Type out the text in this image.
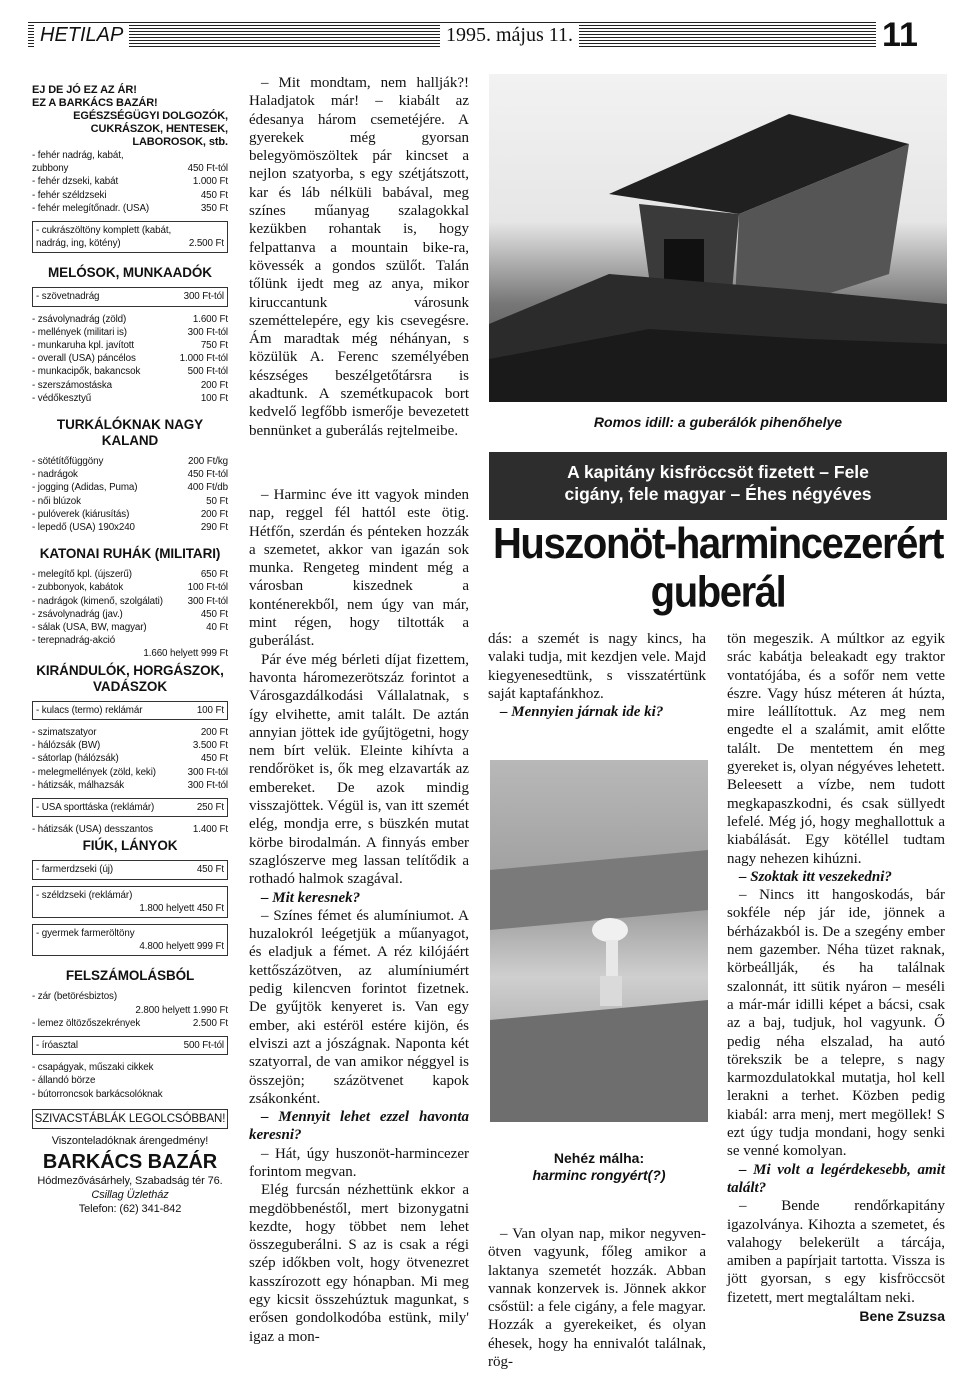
HETILAP	1995. május 11.	11
EJ DE JÓ EZ AZ ÁR!
EZ A BARKÁCS BAZÁR!
EGÉSZSÉGÜGYI DOLGOZÓK,
CUKRÁSZOK, HENTESEK,
LABOROSOK, stb.
- fehér nadrág, kabát,
zubbony	450 Ft-tól
- fehér dzseki, kabát	1.000 Ft
- fehér széldzseki	450 Ft
- fehér melegítőnadr. (USA)	350 Ft
- cukrászöltöny komplett (kabát,
nadrág, ing, kötény)	2.500 Ft
MELÓSOK, MUNKAADÓK
- szövetnadrág	300 Ft-tól
- zsávolynadrág (zöld)	1.600 Ft
- mellények (militari is)	300 Ft-tól
- munkaruha kpl. javított	750 Ft
- overall (USA) páncélos	1.000 Ft-tól
- munkacipők, bakancsok	500 Ft-tól
- szerszámostáska	200 Ft
- védőkesztyű	100 Ft
TURKÁLÓKNAK NAGY KALAND
- sötétítőfüggöny	200 Ft/kg
- nadrágok	450 Ft-tól
- jogging (Adidas, Puma)	400 Ft/db
- női blúzok	50 Ft
- pulóverek (kiárusítás)	200 Ft
- lepedő (USA) 190x240	290 Ft
KATONAI RUHÁK (MILITARI)
- melegítő kpl. (újszerű)	650 Ft
- zubbonyok, kabátok	100 Ft-tól
- nadrágok (kimenő, szolgálati)	300 Ft-tól
- zsávolynadrág (jav.)	450 Ft
- sálak (USA, BW, magyar)	40 Ft
- terepnadrág-akció
1.660 helyett 999 Ft
KIRÁNDULÓK, HORGÁSZOK,
VADÁSZOK
- kulacs (termo) reklámár	100 Ft
- szimatszatyor	200 Ft
- hálózsák (BW)	3.500 Ft
- sátorlap (hálózsák)	450 Ft
- melegmellények (zöld, keki)	300 Ft-tól
- hátizsák, málhazsák	300 Ft-tól
- USA sporttáska (reklámár)	250 Ft
- hátizsák (USA) desszantos	1.400 Ft
FIÚK, LÁNYOK
- farmerdzseki (új)	450 Ft
- széldzseki (reklámár)
1.800 helyett 450 Ft
- gyermek farmeröltöny
4.800 helyett 999 Ft
FELSZÁMOLÁSBÓL
- zár (betörésbiztos)
2.800 helyett 1.990 Ft
- lemez öltözőszekrények	2.500 Ft
- íróasztal	500 Ft-tól
- csapágyak, műszaki cikkek
- állandó börze
- bútorroncsok barkácsolóknak
SZIVACSTÁBLÁK LEGOLCSÓBBAN!
Viszonteladóknak árengedmény!
BARKÁCS BAZÁR
Hódmezővásárhely, Szabadság tér 76.
Csillag Üzletház
Telefon: (62) 341-842
Romos idill: a guberálók pihenőhelye
A kapitány kisfröccsöt fizetett – Fele
cigány, fele magyar – Éhes négyéves
Huszonöt-harmincezerért
guberál
Nehéz málha:
harminc rongyért(?)

– Mit mondtam, nem hallják?! Haladjatok már! – kiabált az édesanya három csemetéjére. A gyerekek még gyorsan belegyömöszöltek pár kincset a nejlon szatyorba, s egy szétjátszott, kar és láb nélküli babával, meg színes műanyag szalagokkal kezükben rohantak is, hogy felpattanva a mountain bike-ra, kövessék a gondos szülőt. Talán tőlünk ijedt meg az anya, mikor kiruccantunk városunk szeméttelepére, egy kis csevegésre. Ám maradtak még néhányan, s közülük A. Ferenc személyében készséges beszélgetőtársra is akadtunk. A szemétkupacok bort kedvelő legfőbb ismerője bevezetett bennünket a guberálás rejtelmeibe.

– Harminc éve itt vagyok minden nap, reggel fél hattól este ötig. Hétfőn, szerdán és pénteken hozzák a szemetet, akkor van igazán sok munka. Rengeteg mindent még a városban kiszednek a konténerekből, nem úgy van már, mint régen, hogy tiltották a guberálást.

Pár éve még bérleti díjat fizettem, havonta háromezerötszáz forintot a Városgazdálkodási Vállalatnak, s így elvihette, amit talált. De aztán annyian jöttek ide gyűjtögetni, hogy nem bírt velük. Eleinte kihívta a rendőröket is, ők meg elzavarták az embereket. De azok mindig visszajöttek. Végül is, van itt szemét elég, mondja erre, s büszkén mutat körbe birodalmán. A finnyás ember szaglószerve meg lassan telítődik a rothadó halmok szagával.

– Mit keresnek?

– Színes fémet és alumíniumot. A huzalokról leégetjük a műanyagot, és eladjuk a fémet. A réz kilójáért kettőszázötven, az alumíniumért pedig kilencven forintot fizetnek. De gyűjtök kenyeret is. Van egy ember, aki estéröl estére kijön, és elviszi azt a jószágnak. Naponta két szatyorral, de van amikor néggyel is összejön; százötvenet kapok zsákonként.

– Mennyit lehet ezzel havonta keresni?

– Hát, úgy huszonöt-harmincezer forintom megvan.

Elég furcsán nézhettünk ekkor a megdöbbenéstől, mert bizonygatni kezdte, hogy többet nem lehet összeguberálni. S az is csak a régi szép időkben volt, hogy ötvenezret kasszírozott egy hónapban. Mi meg egy kicsit összehúztuk magunkat, s erősen gondolkodóba estünk, mily' igaz a mon-

dás: a szemét is nagy kincs, ha valaki tudja, mit kezdjen vele. Majd kiegyenesedtünk, s visszatértünk saját kaptafánkhoz.

– Mennyien járnak ide ki?

– Van olyan nap, mikor negyven-ötven vagyunk, főleg amikor a laktanya szemetét hozzák. Abban vannak konzervek is. Jönnek akkor csőstül: a fele cigány, a fele magyar. Hozzák a gyerekeiket, és olyan éhesek, hogy ha ennivalót találnak, rög-

tön megeszik. A múltkor az egyik srác kabátja beleakadt egy traktor vontatójába, és a sofőr nem vette észre. Vagy húsz méteren át húzta, mire leállítottuk. Az meg nem engedte el a szalámit, amit előtte talált. De mentettem én meg gyereket is, olyan négyéves lehetett. Beleesett a vízbe, nem tudott megkapaszkodni, és csak süllyedt lefelé. Még jó, hogy meghallottuk a kiabálását. Egy kötéllel tudtam nagy nehezen kihúzni.

– Szoktak itt veszekedni?

– Nincs itt hangoskodás, bár sokféle nép jár ide, jönnek a bérházakból is. De a szegény ember nem gazember. Néha tüzet raknak, körbeállják, és ha találnak szalonnát, itt sütik nyáron – meséli a már-már idilli képet a bácsi, csak az a baj, tudjuk, hol vagyunk. Ő pedig néha elszalad, ha autó törekszik be a telepre, s nagy karmozdulatokkal mutatja, hol kell lerakni a terhet. Közben pedig kiabál: arra menj, mert megöllek! S ezt úgy tudja mondani, hogy senki se venné komolyan.

– Mi volt a legérdekesebb, amit talált?

– Bende rendőrkapitány igazolványa. Kihozta a szemetet, és valahogy belekerült a tárcája, amiben a papírjait tartotta. Vissza is jött gyorsan, s egy kisfröccsöt fizetett, mert megtaláltam neki.

Bene Zsuzsa
